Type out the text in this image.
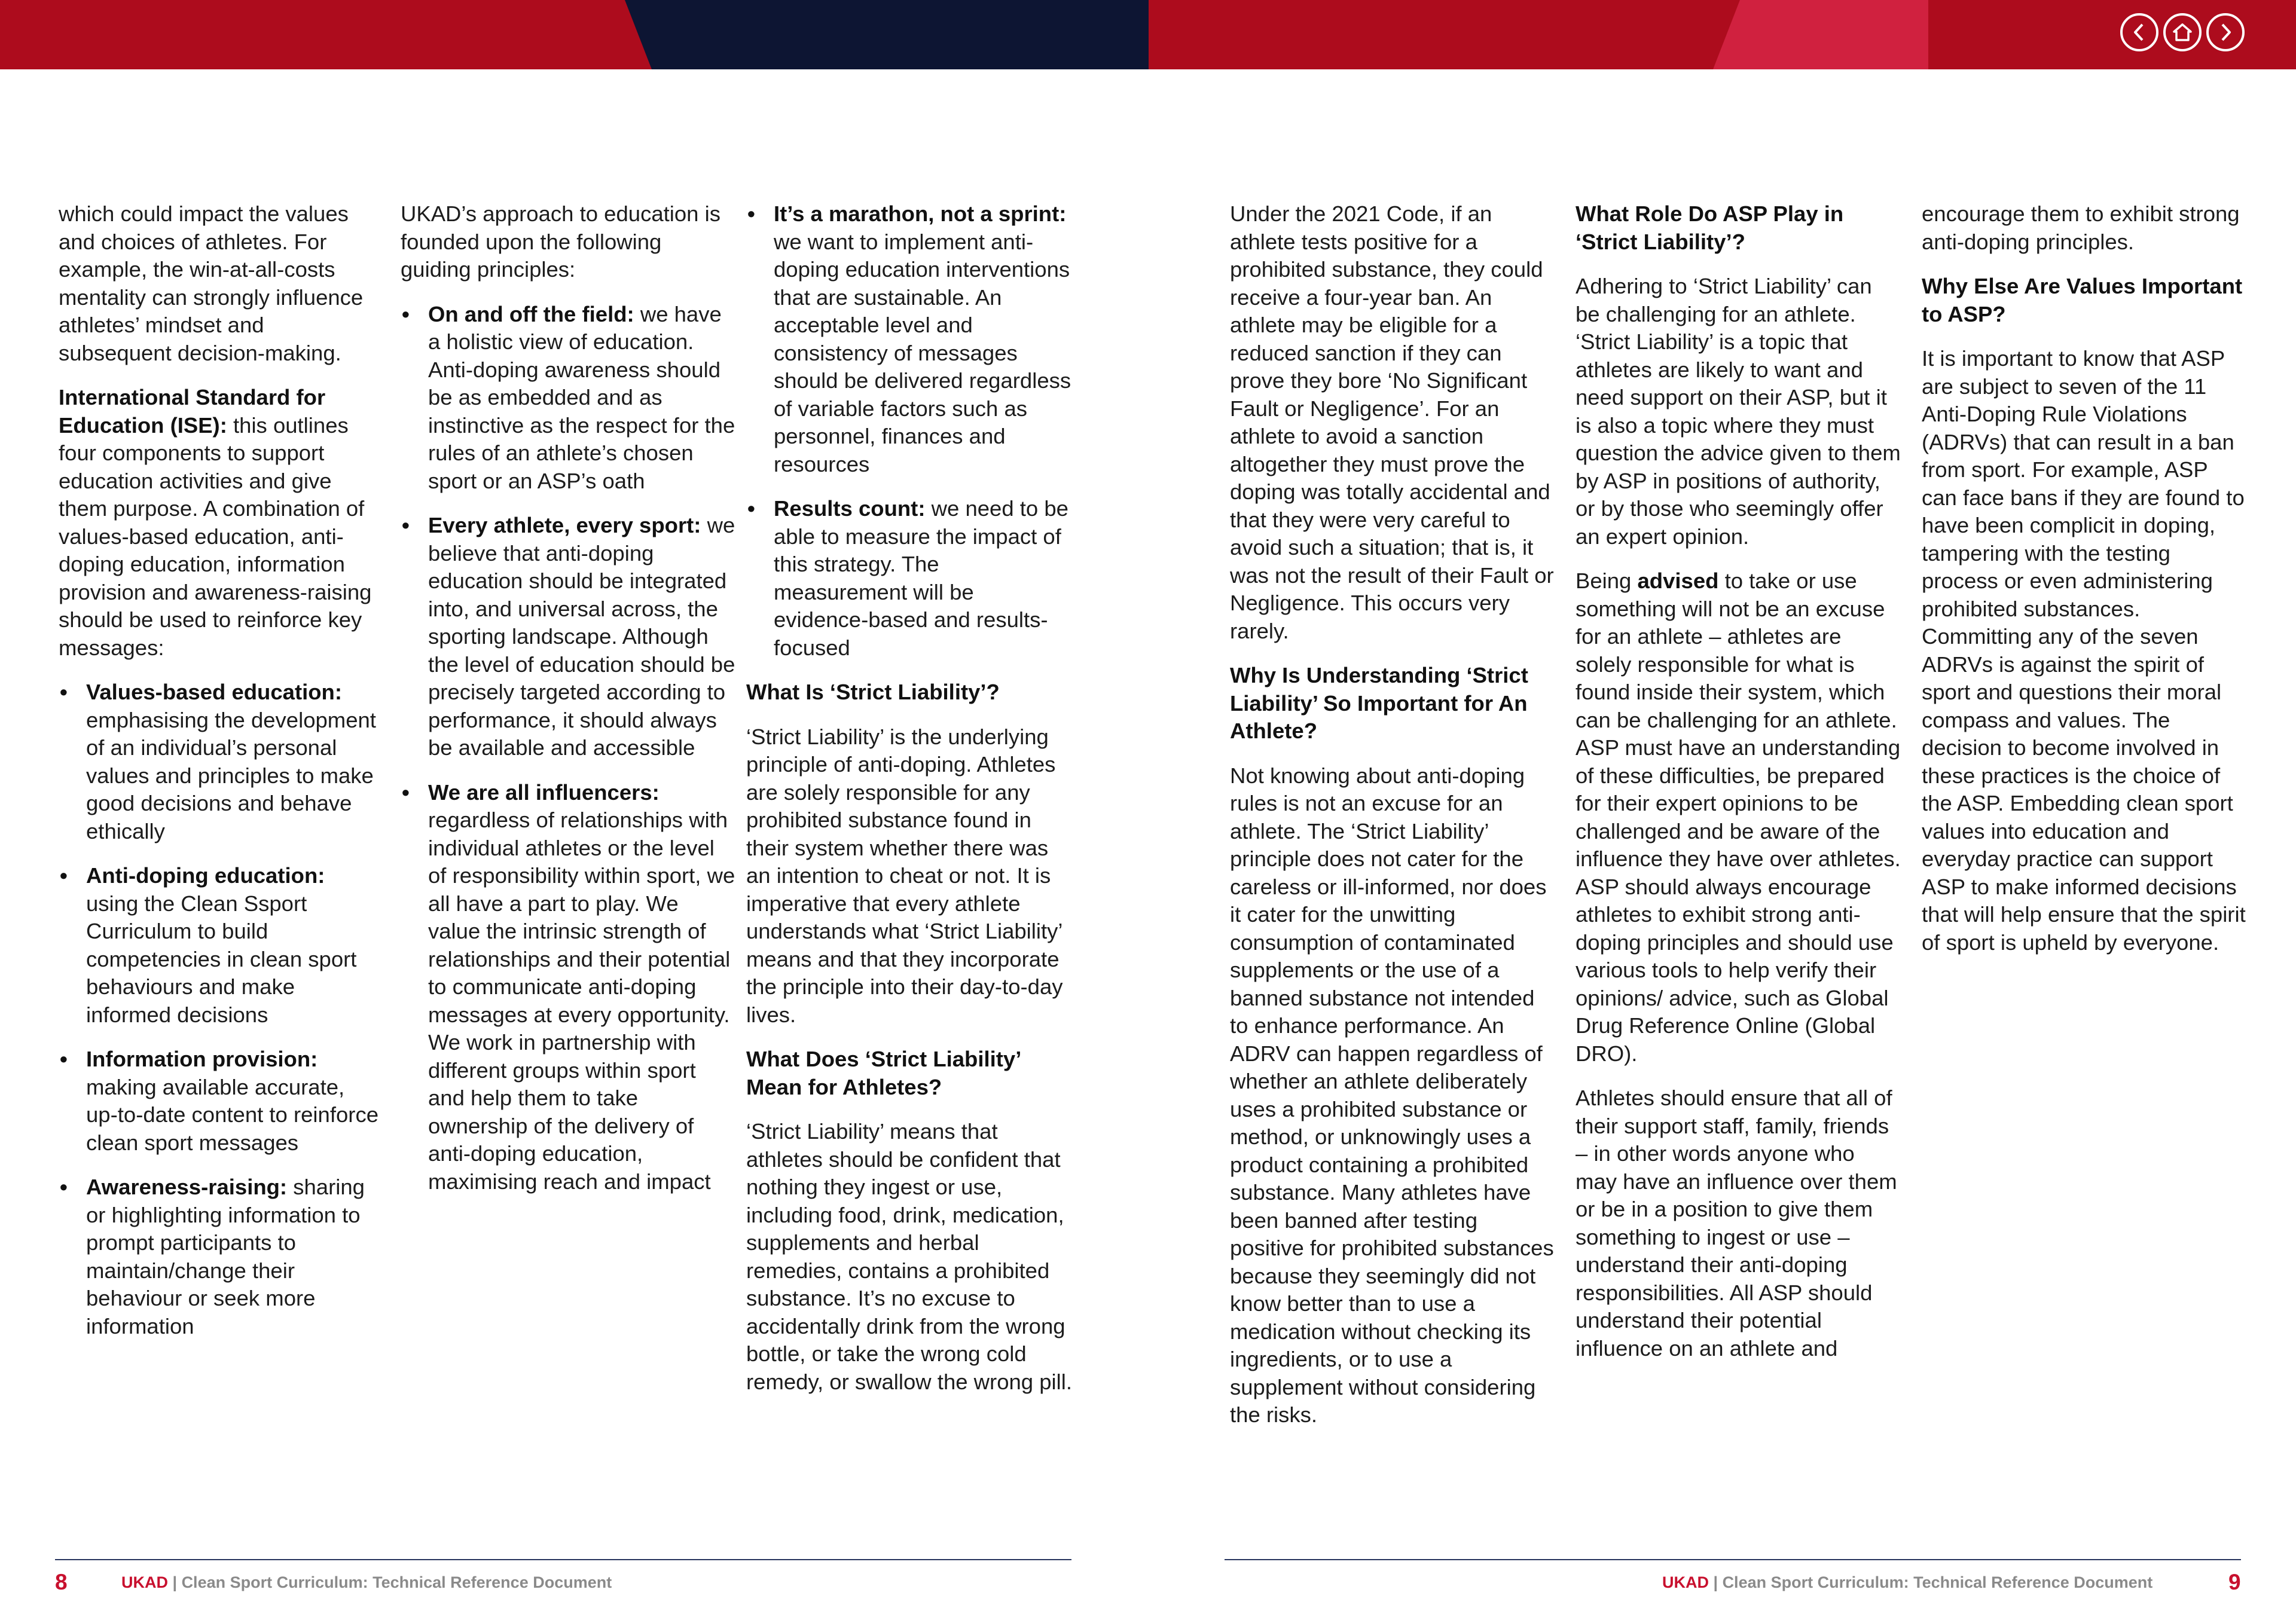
which could impact the values and choices of athletes. For example, the win-at-all-costs mentality can strongly influence athletes’ mindset and subsequent decision-making.

International Standard for Education (ISE): this outlines four components to support education activities and give them purpose. A combination of values-based education, anti-doping education, information provision and awareness-raising should be used to reinforce key messages:

• Values-based education: emphasising the development of an individual’s personal values and principles to make good decisions and behave ethically
• Anti-doping education: using the Clean Ssport Curriculum to build competencies in clean sport behaviours and make informed decisions
• Information provision: making available accurate, up-to-date content to reinforce clean sport messages
• Awareness-raising: sharing or highlighting information to prompt participants to maintain/change their behaviour or seek more information

UKAD’s approach to education is founded upon the following guiding principles:

• On and off the field: we have a holistic view of education. Anti-doping awareness should be as embedded and as instinctive as the respect for the rules of an athlete’s chosen sport or an ASP’s oath
• Every athlete, every sport: we believe that anti-doping education should be integrated into, and universal across, the sporting landscape. Although the level of education should be precisely targeted according to performance, it should always be available and accessible
• We are all influencers: regardless of relationships with individual athletes or the level of responsibility within sport, we all have a part to play. We value the intrinsic strength of relationships and their potential to communicate anti-doping messages at every opportunity. We work in partnership with different groups within sport and help them to take ownership of the delivery of anti-doping education, maximising reach and impact
• It’s a marathon, not a sprint: we want to implement anti-doping education interventions that are sustainable. An acceptable level and consistency of messages should be delivered regardless of variable factors such as personnel, finances and resources
• Results count: we need to be able to measure the impact of this strategy. The measurement will be evidence-based and results-focused
What Is ‘Strict Liability’?

‘Strict Liability’ is the underlying principle of anti-doping. Athletes are solely responsible for any prohibited substance found in their system whether there was an intention to cheat or not. It is imperative that every athlete understands what ‘Strict Liability’ means and that they incorporate the principle into their day-to-day lives.

What Does ‘Strict Liability’ Mean for Athletes?

‘Strict Liability’ means that athletes should be confident that nothing they ingest or use, including food, drink, medication, supplements and herbal remedies, contains a prohibited substance. It’s no excuse to accidentally drink from the wrong bottle, or take the wrong cold remedy, or swallow the wrong pill.

Under the 2021 Code, if an athlete tests positive for a prohibited substance, they could receive a four-year ban. An athlete may be eligible for a reduced sanction if they can prove they bore ‘No Significant Fault or Negligence’. For an athlete to avoid a sanction altogether they must prove the doping was totally accidental and that they were very careful to avoid such a situation; that is, it was not the result of their Fault or Negligence. This occurs very rarely.

Why Is Understanding ‘Strict Liability’ So Important for An Athlete?

Not knowing about anti-doping rules is not an excuse for an athlete. The ‘Strict Liability’ principle does not cater for the careless or ill-informed, nor does it cater for the unwitting consumption of contaminated supplements or the use of a banned substance not intended to enhance performance. An ADRV can happen regardless of whether an athlete deliberately uses a prohibited substance or method, or unknowingly uses a product containing a prohibited substance. Many athletes have been banned after testing positive for prohibited substances because they seemingly did not know better than to use a medication without checking its ingredients, or to use a supplement without considering the risks.

What Role Do ASP Play in ‘Strict Liability’?

Adhering to ‘Strict Liability’ can be challenging for an athlete. ‘Strict Liability’ is a topic that athletes are likely to want and need support on their ASP, but it is also a topic where they must question the advice given to them by ASP in positions of authority, or by those who seemingly offer an expert opinion.

Being advised to take or use something will not be an excuse for an athlete – athletes are solely responsible for what is found inside their system, which can be challenging for an athlete. ASP must have an understanding of these difficulties, be prepared for their expert opinions to be challenged and be aware of the influence they have over athletes. ASP should always encourage athletes to exhibit strong anti-doping principles and should use various tools to help verify their opinions/ advice, such as Global Drug Reference Online (Global DRO).

Athletes should ensure that all of their support staff, family, friends – in other words anyone who may have an influence over them or be in a position to give them something to ingest or use – understand their anti-doping responsibilities. All ASP should understand their potential influence on an athlete and

encourage them to exhibit strong anti-doping principles.

Why Else Are Values Important to ASP?

It is important to know that ASP are subject to seven of the 11 Anti-Doping Rule Violations (ADRVs) that can result in a ban from sport. For example, ASP can face bans if they are found to have been complicit in doping, tampering with the testing process or even administering prohibited substances. Committing any of the seven ADRVs is against the spirit of sport and questions their moral compass and values. The decision to become involved in these practices is the choice of the ASP. Embedding clean sport values into education and everyday practice can support ASP to make informed decisions that will help ensure that the spirit of sport is upheld by everyone.

8	UKAD | Clean Sport Curriculum: Technical Reference Document	UKAD | Clean Sport Curriculum: Technical Reference Document	9
